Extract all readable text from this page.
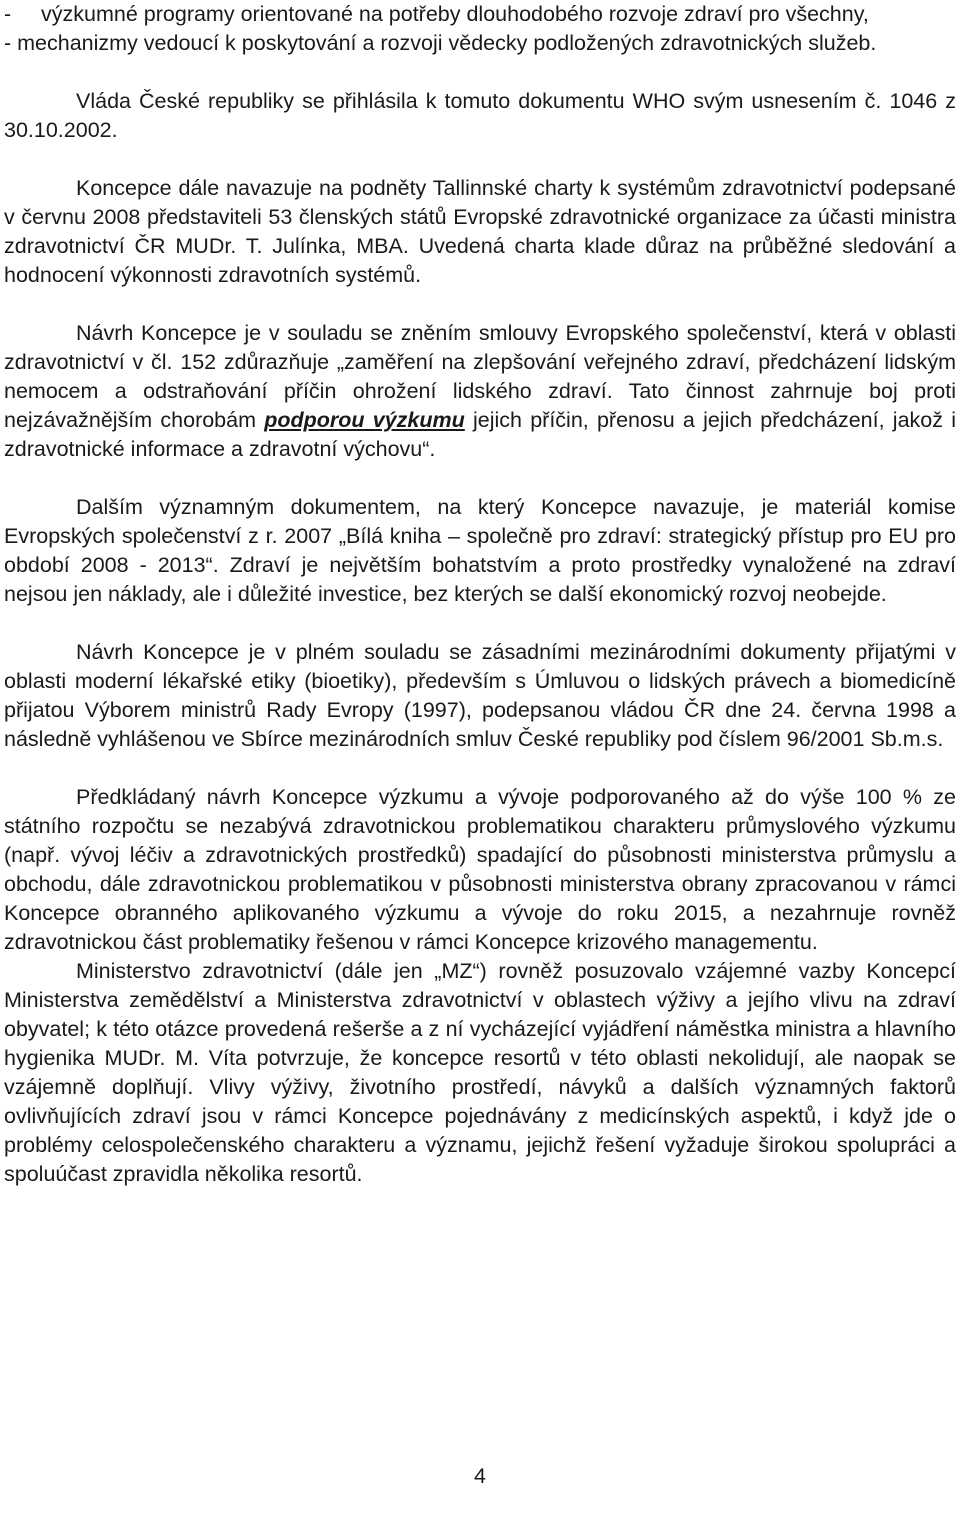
-     výzkumné programy orientované na potřeby dlouhodobého rozvoje zdraví pro všechny,
- mechanizmy vedoucí k poskytování a rozvoji vědecky podložených zdravotnických služeb.

Vláda České republiky se přihlásila k tomuto dokumentu WHO svým usnesením č. 1046 z 30.10.2002.

Koncepce dále navazuje na podněty Tallinnské charty k systémům zdravotnictví podepsané v červnu 2008 představiteli 53 členských států Evropské zdravotnické organizace za účasti ministra zdravotnictví ČR MUDr. T. Julínka, MBA. Uvedená charta klade důraz na průběžné sledování a hodnocení výkonnosti zdravotních systémů.

Návrh Koncepce je v souladu se zněním smlouvy Evropského společenství, která v oblasti zdravotnictví v čl. 152 zdůrazňuje „zaměření na zlepšování veřejného zdraví, předcházení lidským nemocem a odstraňování příčin ohrožení lidského zdraví. Tato činnost zahrnuje boj proti nejzávažnějším chorobám podporou výzkumu jejich příčin, přenosu a jejich předcházení, jakož i zdravotnické informace a zdravotní výchovu“.

Dalším významným dokumentem, na který Koncepce navazuje, je materiál komise Evropských společenství z r. 2007 „Bílá kniha – společně pro zdraví: strategický přístup pro EU pro období 2008 - 2013“. Zdraví je největším bohatstvím a proto prostředky vynaložené na zdraví nejsou jen náklady, ale i důležité investice, bez kterých se další ekonomický rozvoj neobejde.

Návrh Koncepce je v plném souladu se zásadními mezinárodními dokumenty přijatými v oblasti moderní lékařské etiky (bioetiky), především s Úmluvou o lidských právech a biomedicíně přijatou Výborem ministrů Rady Evropy (1997), podepsanou vládou ČR dne 24. června 1998 a následně vyhlášenou ve Sbírce mezinárodních smluv České republiky pod číslem 96/2001 Sb.m.s.

Předkládaný návrh Koncepce výzkumu a vývoje podporovaného až do výše 100 % ze státního rozpočtu se nezabývá zdravotnickou problematikou charakteru průmyslového výzkumu (např. vývoj léčiv a zdravotnických prostředků) spadající do působnosti ministerstva průmyslu a obchodu, dále zdravotnickou problematikou v působnosti ministerstva obrany zpracovanou v rámci Koncepce obranného aplikovaného výzkumu a vývoje do roku 2015, a nezahrnuje rovněž zdravotnickou část problematiky řešenou v rámci Koncepce krizového managementu.

Ministerstvo zdravotnictví (dále jen „MZ“) rovněž posuzovalo vzájemné vazby Koncepcí Ministerstva zemědělství a Ministerstva zdravotnictví v oblastech výživy a jejího vlivu na zdraví obyvatel; k této otázce provedená rešerše a z ní vycházející vyjádření náměstka ministra a hlavního hygienika MUDr. M. Víta potvrzuje, že koncepce resortů v této oblasti nekolidují, ale naopak se vzájemně doplňují. Vlivy výživy, životního prostředí, návyků a dalších významných faktorů ovlivňujících zdraví jsou v rámci Koncepce pojednávány z medicínských aspektů, i když jde o problémy celospolečenského charakteru a významu, jejichž řešení vyžaduje širokou spolupráci a spoluúčast zpravidla několika resortů.

4
